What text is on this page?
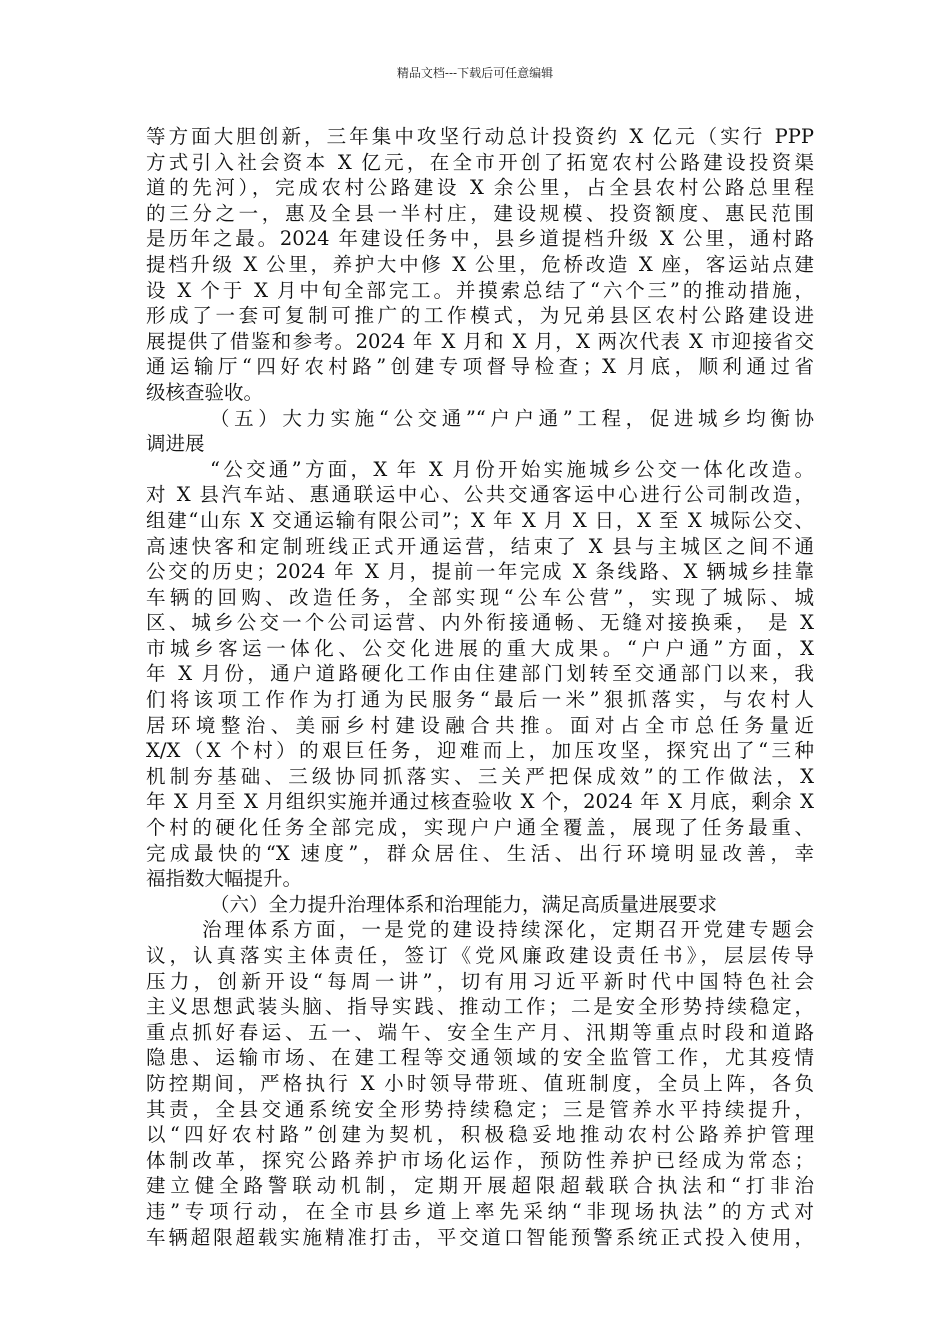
精品文档---下载后可任意编辑
等方面大胆创新，三年集中攻坚行动总计投资约 X 亿元（实行 PPP
方式引入社会资本 X 亿元，在全市开创了拓宽农村公路建设投资渠
道的先河），完成农村公路建设 X 余公里，占全县农村公路总里程
的三分之一，惠及全县一半村庄，建设规模、投资额度、惠民范围
是历年之最。2024 年建设任务中，县乡道提档升级 X 公里，通村路
提档升级 X 公里，养护大中修 X 公里，危桥改造 X 座，客运站点建
设 X 个于 X 月中旬全部完工。并摸索总结了“六个三”的推动措施，
形成了一套可复制可推广的工作模式，为兄弟县区农村公路建设进
展提供了借鉴和参考。2024 年 X 月和 X 月，X 两次代表 X 市迎接省交
通运输厅“四好农村路”创建专项督导检查；X 月底，顺利通过省
级核查验收。
（五）大力实施“公交通”“户户通”工程，促进城乡均衡协
调进展
“公交通”方面，X 年 X 月份开始实施城乡公交一体化改造。
对 X 县汽车站、惠通联运中心、公共交通客运中心进行公司制改造，
组建“山东 X 交通运输有限公司”；X 年 X 月 X 日，X 至 X 城际公交、
高速快客和定制班线正式开通运营，结束了 X 县与主城区之间不通
公交的历史；2024 年 X 月，提前一年完成 X 条线路、X 辆城乡挂靠
车辆的回购、改造任务，全部实现“公车公营”，实现了城际、城
区、城乡公交一个公司运营、内外衔接通畅、无缝对接换乘， 是 X
市城乡客运一体化、公交化进展的重大成果。“户户通”方面，X
年 X 月份，通户道路硬化工作由住建部门划转至交通部门以来，我
们将该项工作作为打通为民服务“最后一米”狠抓落实，与农村人
居环境整治、美丽乡村建设融合共推。面对占全市总任务量近
X/X（X 个村）的艰巨任务，迎难而上，加压攻坚，探究出了“三种
机制夯基础、三级协同抓落实、三关严把保成效”的工作做法，X
年 X 月至 X 月组织实施并通过核查验收 X 个，2024 年 X 月底，剩余 X
个村的硬化任务全部完成，实现户户通全覆盖，展现了任务最重、
完成最快的“X 速度”，群众居住、生活、出行环境明显改善，幸
福指数大幅提升。
（六）全力提升治理体系和治理能力，满足高质量进展要求
治理体系方面，一是党的建设持续深化，定期召开党建专题会
议，认真落实主体责任，签订《党风廉政建设责任书》，层层传导
压力，创新开设“每周一讲”，切有用习近平新时代中国特色社会
主义思想武装头脑、指导实践、推动工作；二是安全形势持续稳定，
重点抓好春运、五一、端午、安全生产月、汛期等重点时段和道路
隐患、运输市场、在建工程等交通领域的安全监管工作，尤其疫情
防控期间，严格执行 X 小时领导带班、值班制度，全员上阵，各负
其责，全县交通系统安全形势持续稳定；三是管养水平持续提升，
以“四好农村路”创建为契机，积极稳妥地推动农村公路养护管理
体制改革，探究公路养护市场化运作，预防性养护已经成为常态；
建立健全路警联动机制，定期开展超限超载联合执法和“打非治
违”专项行动，在全市县乡道上率先采纳“非现场执法”的方式对
车辆超限超载实施精准打击，平交道口智能预警系统正式投入使用，
